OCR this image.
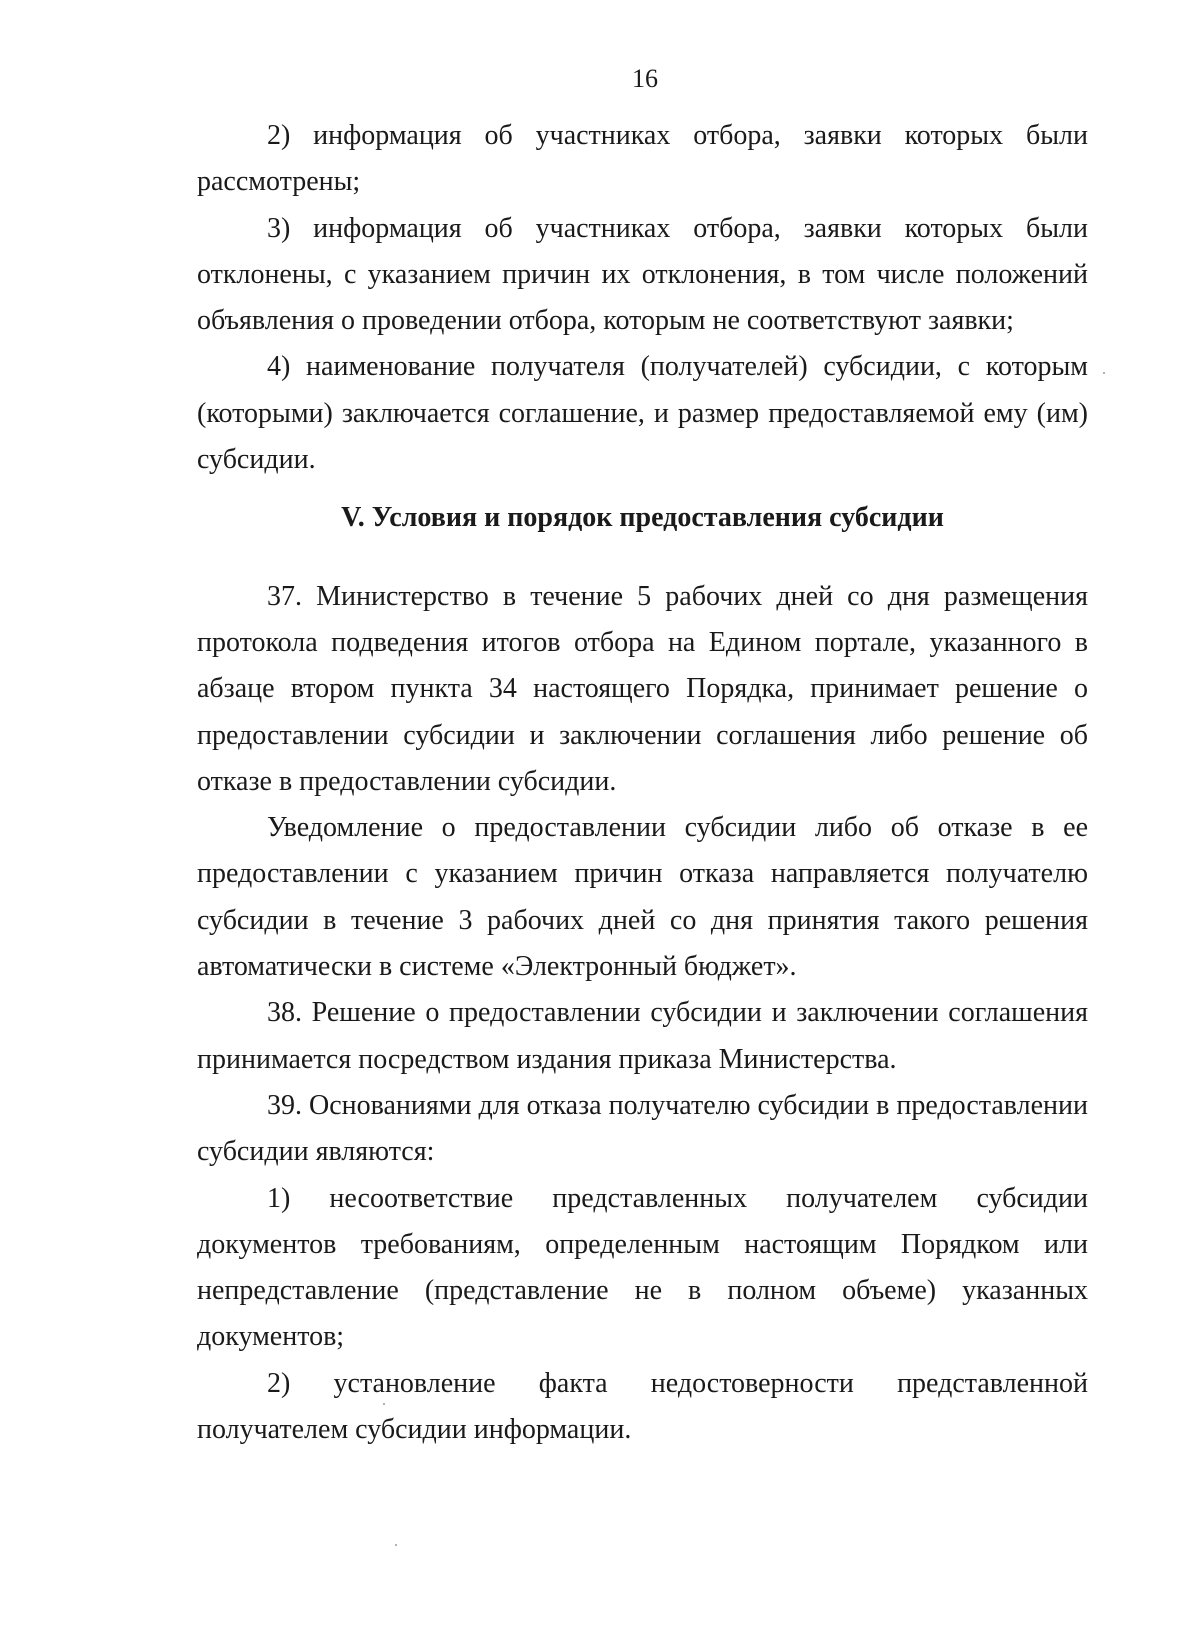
16

2) информация об участниках отбора, заявки которых были рассмотрены;

3) информация об участниках отбора, заявки которых были отклонены, с указанием причин их отклонения, в том числе положений объявления о проведении отбора, которым не соответствуют заявки;

4) наименование получателя (получателей) субсидии, с которым (которыми) заключается соглашение, и размер предоставляемой ему (им) субсидии.

V. Условия и порядок предоставления субсидии

37. Министерство в течение 5 рабочих дней со дня размещения протокола подведения итогов отбора на Едином портале, указанного в абзаце втором пункта 34 настоящего Порядка, принимает решение о предоставлении субсидии и заключении соглашения либо решение об отказе в предоставлении субсидии.

Уведомление о предоставлении субсидии либо об отказе в ее предоставлении с указанием причин отказа направляется получателю субсидии в течение 3 рабочих дней со дня принятия такого решения автоматически в системе «Электронный бюджет».

38. Решение о предоставлении субсидии и заключении соглашения принимается посредством издания приказа Министерства.

39. Основаниями для отказа получателю субсидии в предоставлении субсидии являются:

1) несоответствие представленных получателем субсидии документов требованиям, определенным настоящим Порядком или непредставление (представление не в полном объеме) указанных документов;

2) установление факта недостоверности представленной получателем субсидии информации.
